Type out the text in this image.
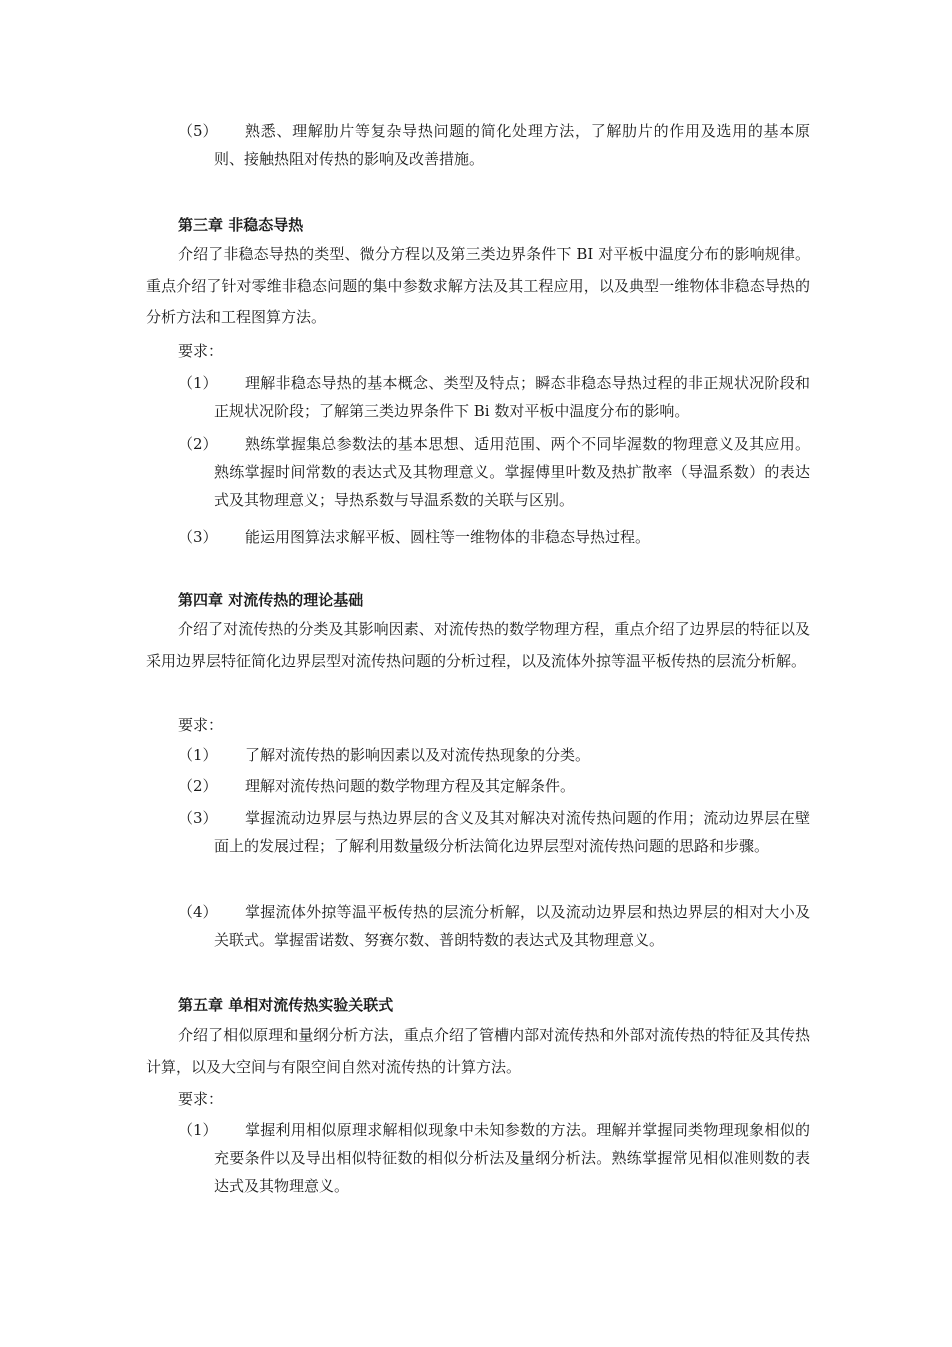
（5）	熟悉、理解肋片等复杂导热问题的简化处理方法，了解肋片的作用及选用的基本原则、接触热阻对传热的影响及改善措施。
第三章 非稳态导热
介绍了非稳态导热的类型、微分方程以及第三类边界条件下 BI 对平板中温度分布的影响规律。重点介绍了针对零维非稳态问题的集中参数求解方法及其工程应用，以及典型一维物体非稳态导热的分析方法和工程图算方法。
要求：
（1）	理解非稳态导热的基本概念、类型及特点；瞬态非稳态导热过程的非正规状况阶段和正规状况阶段；了解第三类边界条件下 Bi 数对平板中温度分布的影响。
（2）	熟练掌握集总参数法的基本思想、适用范围、两个不同毕渥数的物理意义及其应用。熟练掌握时间常数的表达式及其物理意义。掌握傅里叶数及热扩散率（导温系数）的表达式及其物理意义；导热系数与导温系数的关联与区别。
（3）	能运用图算法求解平板、圆柱等一维物体的非稳态导热过程。
第四章 对流传热的理论基础
介绍了对流传热的分类及其影响因素、对流传热的数学物理方程，重点介绍了边界层的特征以及采用边界层特征简化边界层型对流传热问题的分析过程，以及流体外掠等温平板传热的层流分析解。
要求：
（1）	了解对流传热的影响因素以及对流传热现象的分类。
（2）	理解对流传热问题的数学物理方程及其定解条件。
（3）	掌握流动边界层与热边界层的含义及其对解决对流传热问题的作用；流动边界层在壁面上的发展过程；了解利用数量级分析法简化边界层型对流传热问题的思路和步骤。
（4）	掌握流体外掠等温平板传热的层流分析解，以及流动边界层和热边界层的相对大小及关联式。掌握雷诺数、努赛尔数、普朗特数的表达式及其物理意义。
第五章 单相对流传热实验关联式
介绍了相似原理和量纲分析方法，重点介绍了管槽内部对流传热和外部对流传热的特征及其传热计算，以及大空间与有限空间自然对流传热的计算方法。
要求：
（1）	掌握利用相似原理求解相似现象中未知参数的方法。理解并掌握同类物理现象相似的充要条件以及导出相似特征数的相似分析法及量纲分析法。熟练掌握常见相似准则数的表达式及其物理意义。
